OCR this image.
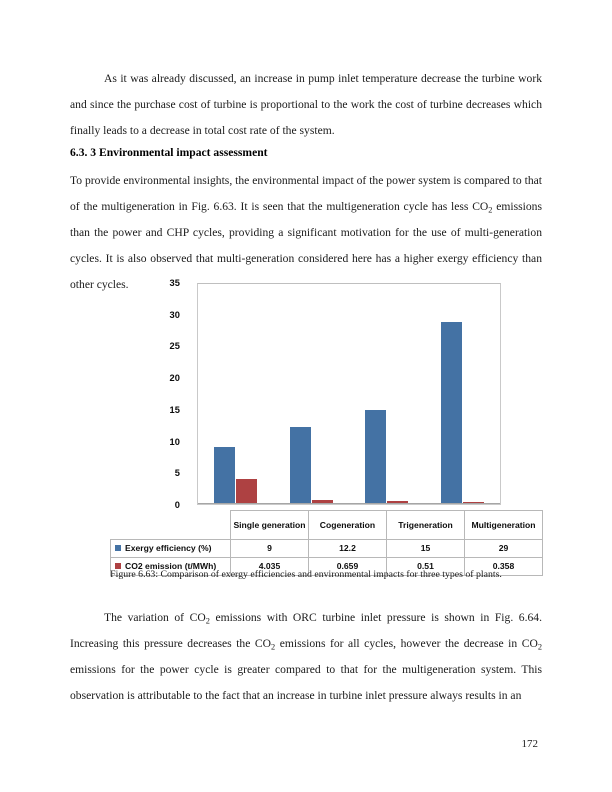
As it was already discussed, an increase in pump inlet temperature decrease the turbine work and since the purchase cost of turbine is proportional to the work the cost of turbine decreases which finally leads to a decrease in total cost rate of the system.
6.3. 3 Environmental impact assessment
To provide environmental insights, the environmental impact of the power system is compared to that of the multigeneration in Fig. 6.63. It is seen that the multigeneration cycle has less $CO_2$ emissions than the power and CHP cycles, providing a significant motivation for the use of multi-generation cycles. It is also observed that multi-generation considered here has a higher exergy efficiency than other cycles.	35
30
25
20
15
10
5
0
	Single generation	Cogeneration	Trigeneration	Multigeneration
Exergy efficiency (%)	9	12.2	15	29
CO2 emission (t/MWh)	4.035	0.659	0.51	0.358
Figure 6.63: Comparison of exergy efficiencies and environmental impacts for three types of plants.
The variation of $CO_2$ emissions with ORC turbine inlet pressure is shown in Fig. 6.64. Increasing this pressure decreases the $CO_2$ emissions for all cycles, however the decrease in $CO_2$ emissions for the power cycle is greater compared to that for the multigeneration system. This observation is attributable to the fact that an increase in turbine inlet pressure always results in an
172
